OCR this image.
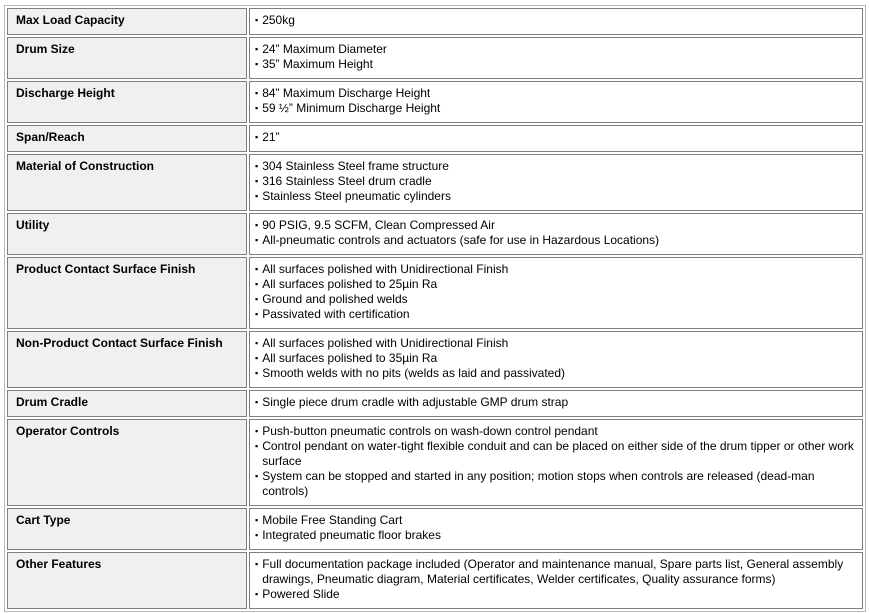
Max Load Capacity	▪ 250kg

Drum Size	▪ 24” Maximum Diameter
▪ 35” Maximum Height

Discharge Height	▪ 84” Maximum Discharge Height
▪ 59 ½” Minimum Discharge Height

Span/Reach	▪ 21”

Material of Construction	▪ 304 Stainless Steel frame structure
▪ 316 Stainless Steel drum cradle
▪ Stainless Steel pneumatic cylinders

Utility	▪ 90 PSIG, 9.5 SCFM, Clean Compressed Air
▪ All-pneumatic controls and actuators (safe for use in Hazardous Locations)

Product Contact Surface Finish	▪ All surfaces polished with Unidirectional Finish
▪ All surfaces polished to 25µin Ra
▪ Ground and polished welds
▪ Passivated with certification

Non-Product Contact Surface Finish	▪ All surfaces polished with Unidirectional Finish
▪ All surfaces polished to 35µin Ra
▪ Smooth welds with no pits (welds as laid and passivated)

Drum Cradle	▪ Single piece drum cradle with adjustable GMP drum strap

Operator Controls	▪ Push-button pneumatic controls on wash-down control pendant
▪ Control pendant on water-tight flexible conduit and can be placed on either side of the drum tipper or other work surface
▪ System can be stopped and started in any position; motion stops when controls are released (dead-man controls)

Cart Type	▪ Mobile Free Standing Cart
▪ Integrated pneumatic floor brakes

Other Features	▪ Full documentation package included (Operator and maintenance manual, Spare parts list, General assembly drawings, Pneumatic diagram, Material certificates, Welder certificates, Quality assurance forms)
▪ Powered Slide
